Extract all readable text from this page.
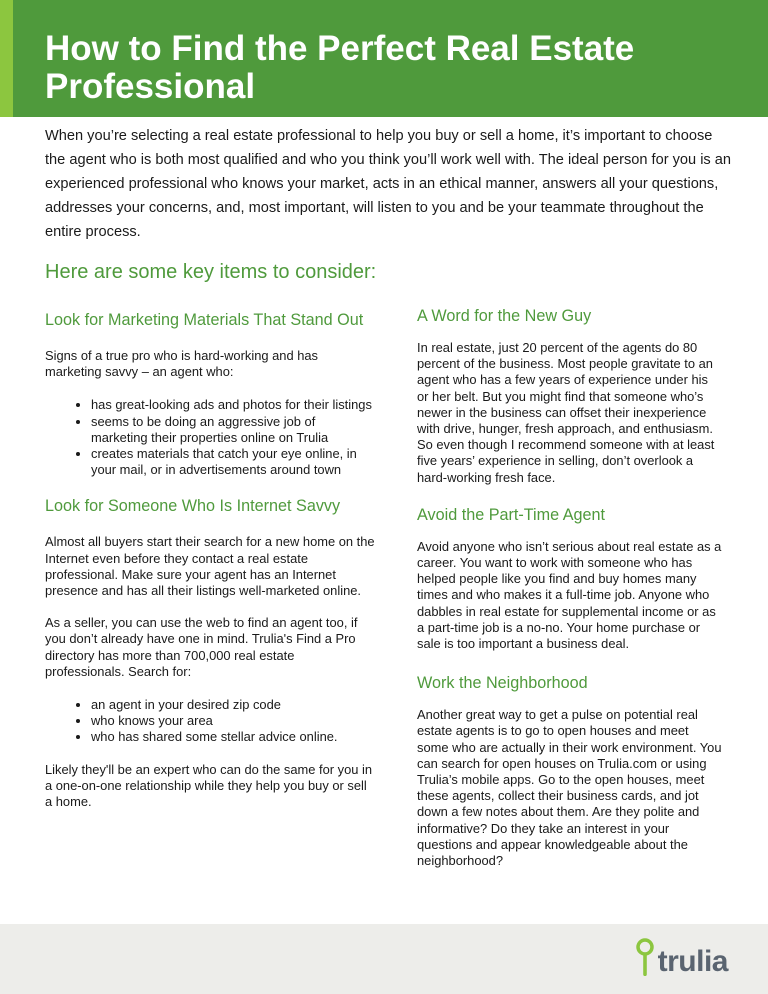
How to Find the Perfect Real Estate Professional

When you’re selecting a real estate professional to help you buy or sell a home, it’s important to choose the agent who is both most qualified and who you think you’ll work well with. The ideal person for you is an experienced professional who knows your market, acts in an ethical manner, answers all your questions, addresses your concerns, and, most important, will listen to you and be your teammate throughout the entire process.

Here are some key items to consider:
Look for Marketing Materials That Stand Out

Signs of a true pro who is hard-working and has marketing savvy – an agent who:

• has great-looking ads and photos for their listings
• seems to be doing an aggressive job of marketing their properties online on Trulia
• creates materials that catch your eye online, in your mail, or in advertisements around town
Look for Someone Who Is Internet Savvy

Almost all buyers start their search for a new home on the Internet even before they contact a real estate professional. Make sure your agent has an Internet presence and has all their listings well-marketed online.

As a seller, you can use the web to find an agent too, if you don’t already have one in mind. Trulia's Find a Pro directory has more than 700,000 real estate professionals. Search for:

• an agent in your desired zip code
• who knows your area
• who has shared some stellar advice online.

Likely they'll be an expert who can do the same for you in a one-on-one relationship while they help you buy or sell a home.

A Word for the New Guy

In real estate, just 20 percent of the agents do 80 percent of the business. Most people gravitate to an agent who has a few years of experience under his or her belt. But you might find that someone who’s newer in the business can offset their inexperience with drive, hunger, fresh approach, and enthusiasm. So even though I recommend someone with at least five years’ experience in selling, don’t overlook a hard-working fresh face.

Avoid the Part-Time Agent

Avoid anyone who isn’t serious about real estate as a career. You want to work with someone who has helped people like you find and buy homes many times and who makes it a full-time job. Anyone who dabbles in real estate for supplemental income or as a part-time job is a no-no. Your home purchase or sale is too important a business deal.

Work the Neighborhood

Another great way to get a pulse on potential real estate agents is to go to open houses and meet some who are actually in their work environment. You can search for open houses on Trulia.com or using Trulia’s mobile apps. Go to the open houses, meet these agents, collect their business cards, and jot down a few notes about them. Are they polite and informative? Do they take an interest in your questions and appear knowledgeable about the neighborhood?

trulia
